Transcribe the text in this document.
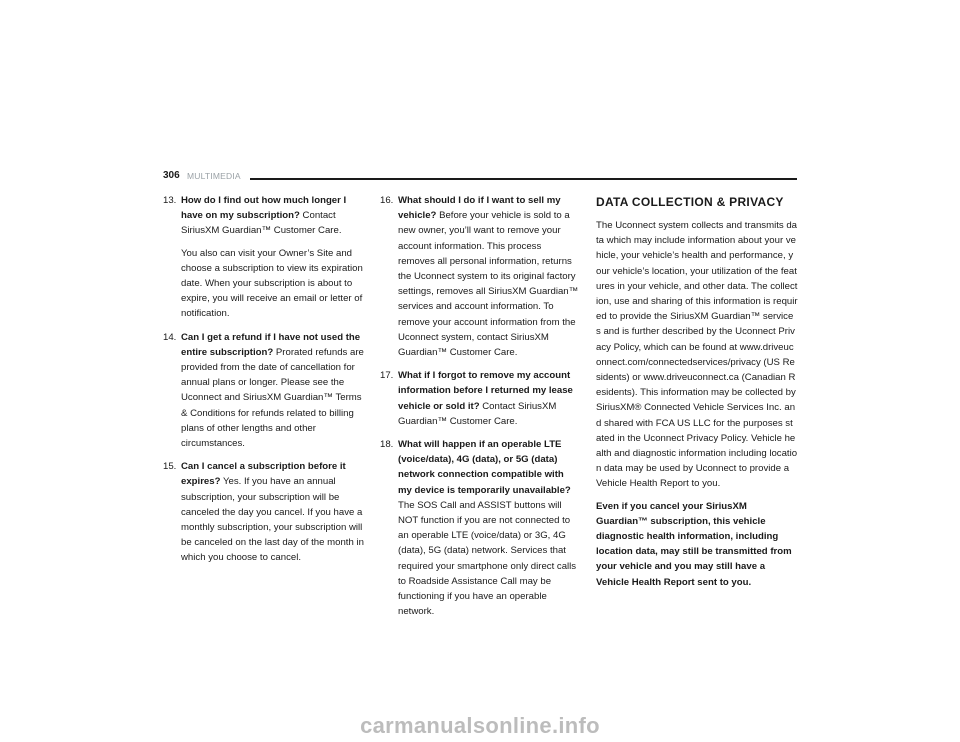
306 MULTIMEDIA
13. How do I find out how much longer I have on my subscription? Contact SiriusXM Guardian™ Customer Care.
You also can visit your Owner’s Site and choose a subscription to view its expiration date. When your subscription is about to expire, you will receive an email or letter of notification.
14. Can I get a refund if I have not used the entire subscription? Prorated refunds are provided from the date of cancellation for annual plans or longer. Please see the Uconnect and SiriusXM Guardian™ Terms & Conditions for refunds related to billing plans of other lengths and other circumstances.
15. Can I cancel a subscription before it expires? Yes. If you have an annual subscription, your subscription will be canceled the day you cancel. If you have a monthly subscription, your subscription will be canceled on the last day of the month in which you choose to cancel.
16. What should I do if I want to sell my vehicle? Before your vehicle is sold to a new owner, you’ll want to remove your account information. This process removes all personal information, returns the Uconnect system to its original factory settings, removes all SiriusXM Guardian™ services and account information. To remove your account information from the Uconnect system, contact SiriusXM Guardian™ Customer Care.
17. What if I forgot to remove my account information before I returned my lease vehicle or sold it? Contact SiriusXM Guardian™ Customer Care.
18. What will happen if an operable LTE (voice/data), 4G (data), or 5G (data) network connection compatible with my device is temporarily unavailable? The SOS Call and ASSIST buttons will NOT function if you are not connected to an operable LTE (voice/data) or 3G, 4G (data), 5G (data) network. Services that required your smartphone only direct calls to Roadside Assistance Call may be functioning if you have an operable network.
DATA COLLECTION & PRIVACY

The Uconnect system collects and transmits data which may include information about your vehicle, your vehicle’s health and performance, your vehicle’s location, your utilization of the features in your vehicle, and other data. The collection, use and sharing of this information is required to provide the SiriusXM Guardian™ services and is further described by the Uconnect Privacy Policy, which can be found at www.driveuconnect.com/connectedservices/privacy (US Residents) or www.driveuconnect.ca (Canadian Residents). This information may be collected by SiriusXM® Connected Vehicle Services Inc. and shared with FCA US LLC for the purposes stated in the Uconnect Privacy Policy. Vehicle health and diagnostic information including location data may be used by Uconnect to provide a Vehicle Health Report to you.

Even if you cancel your SiriusXM Guardian™ subscription, this vehicle diagnostic health information, including location data, may still be transmitted from your vehicle and you may still have a Vehicle Health Report sent to you.

carmanualsonline.info
